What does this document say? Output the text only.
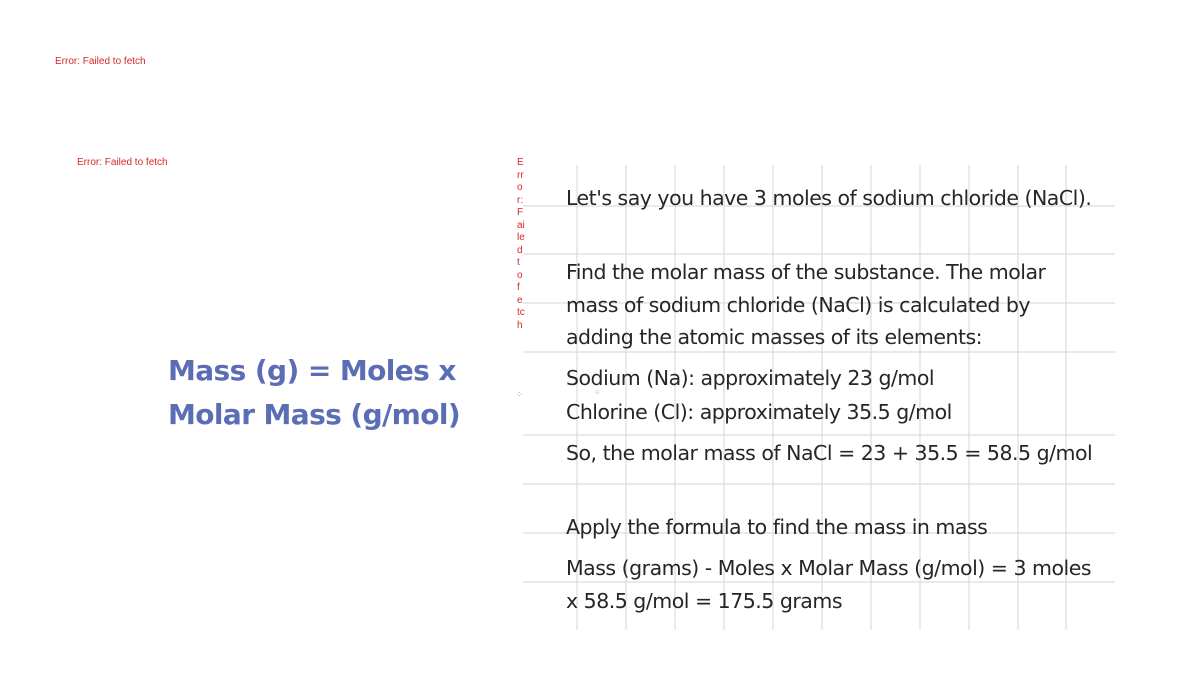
Error: Failed to fetch
Error: Failed to fetch	Error: Failed to fetch
Mass (g) = Moles x
Molar Mass (g/mol)
⁘	⁘

Let's say you have 3 moles of sodium chloride (NaCl).

Find the molar mass of the substance. The molar mass of sodium chloride (NaCl) is calculated by adding the atomic masses of its elements:

Sodium (Na): approximately 23 g/mol

Chlorine (Cl): approximately 35.5 g/mol

So, the molar mass of NaCl = 23 + 35.5 = 58.5 g/mol

Apply the formula to find the mass in mass

Mass (grams) - Moles x Molar Mass (g/mol) = 3 moles x 58.5 g/mol = 175.5 grams
